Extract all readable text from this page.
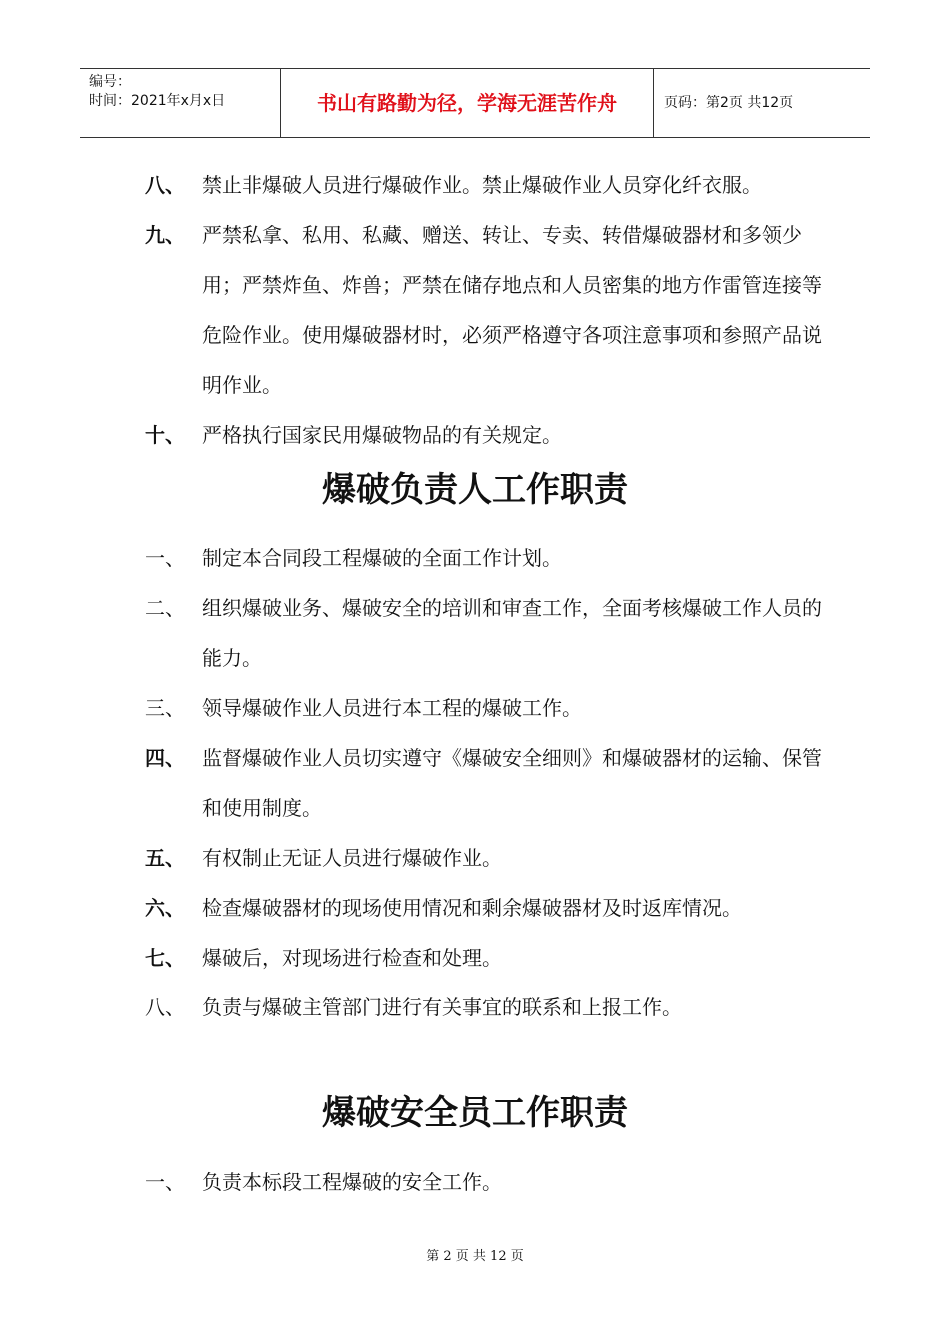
编号：
时间：2021年x月x日	书山有路勤为径，学海无涯苦作舟	页码：第2页 共12页
八、 禁止非爆破人员进行爆破作业。禁止爆破作业人员穿化纤衣服。
九、 严禁私拿、私用、私藏、赠送、转让、专卖、转借爆破器材和多领少用；严禁炸鱼、炸兽；严禁在储存地点和人员密集的地方作雷管连接等危险作业。使用爆破器材时，必须严格遵守各项注意事项和参照产品说明作业。
十、 严格执行国家民用爆破物品的有关规定。
爆破负责人工作职责
一、 制定本合同段工程爆破的全面工作计划。
二、 组织爆破业务、爆破安全的培训和审查工作，全面考核爆破工作人员的能力。
三、 领导爆破作业人员进行本工程的爆破工作。
四、 监督爆破作业人员切实遵守《爆破安全细则》和爆破器材的运输、保管和使用制度。
五、 有权制止无证人员进行爆破作业。
六、 检查爆破器材的现场使用情况和剩余爆破器材及时返库情况。
七、 爆破后，对现场进行检查和处理。
八、 负责与爆破主管部门进行有关事宜的联系和上报工作。
爆破安全员工作职责
一、 负责本标段工程爆破的安全工作。
第 2 页 共 12 页
